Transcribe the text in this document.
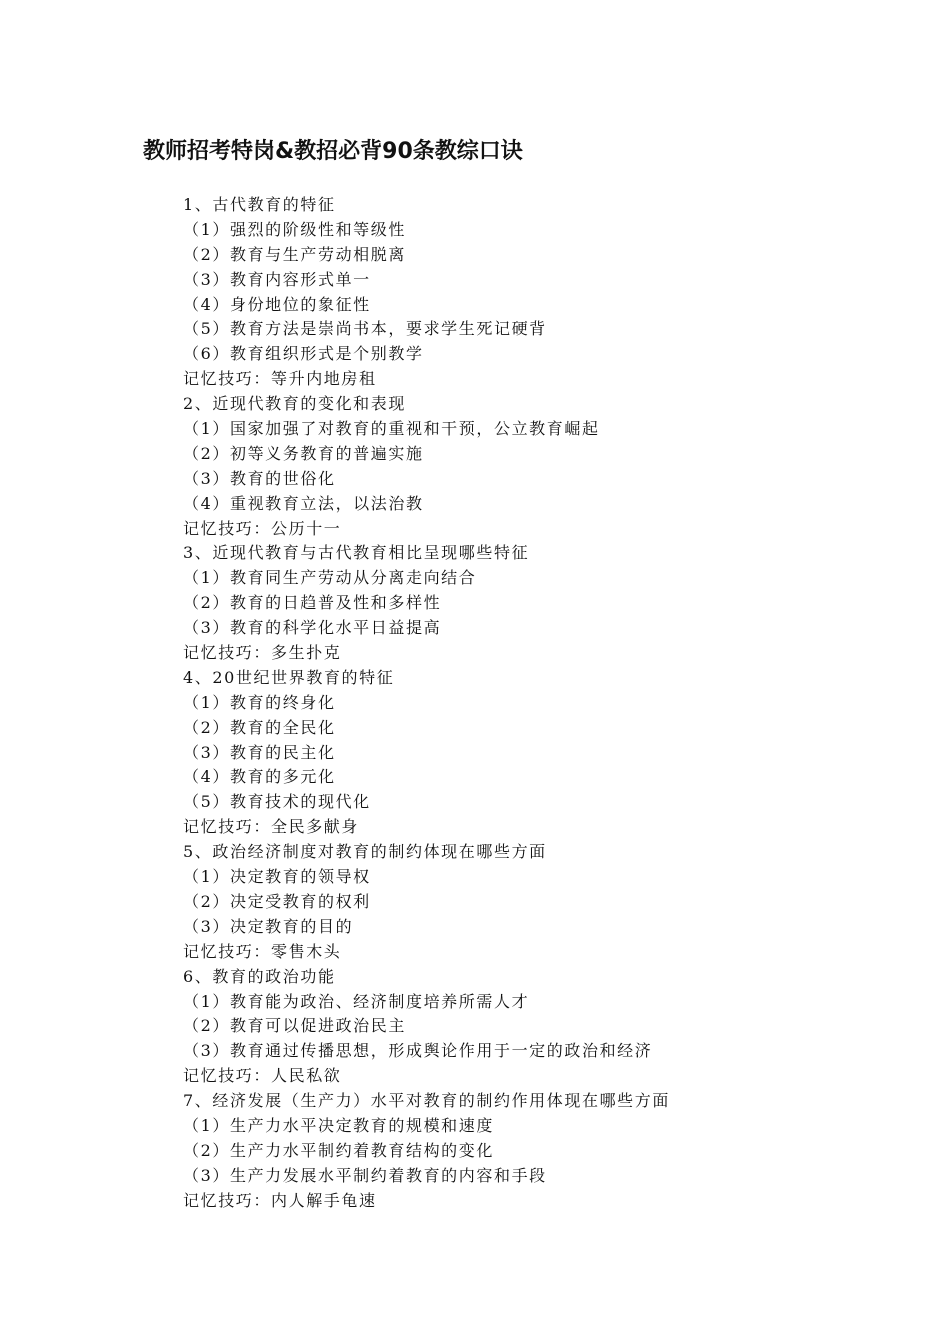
教师招考特岗&教招必背90条教综口诀
1、古代教育的特征
（1）强烈的阶级性和等级性
（2）教育与生产劳动相脱离
（3）教育内容形式单一
（4）身份地位的象征性
（5）教育方法是崇尚书本，要求学生死记硬背
（6）教育组织形式是个别教学
记忆技巧：等升内地房租
2、近现代教育的变化和表现
（1）国家加强了对教育的重视和干预，公立教育崛起
（2）初等义务教育的普遍实施
（3）教育的世俗化
（4）重视教育立法，以法治教
记忆技巧：公历十一
3、近现代教育与古代教育相比呈现哪些特征
（1）教育同生产劳动从分离走向结合
（2）教育的日趋普及性和多样性
（3）教育的科学化水平日益提高
记忆技巧：多生扑克
4、20世纪世界教育的特征
（1）教育的终身化
（2）教育的全民化
（3）教育的民主化
（4）教育的多元化
（5）教育技术的现代化
记忆技巧：全民多献身
5、政治经济制度对教育的制约体现在哪些方面
（1）决定教育的领导权
（2）决定受教育的权利
（3）决定教育的目的
记忆技巧：零售木头
6、教育的政治功能
（1）教育能为政治、经济制度培养所需人才
（2）教育可以促进政治民主
（3）教育通过传播思想，形成舆论作用于一定的政治和经济
记忆技巧：人民私欲
7、经济发展（生产力）水平对教育的制约作用体现在哪些方面
（1）生产力水平决定教育的规模和速度
（2）生产力水平制约着教育结构的变化
（3）生产力发展水平制约着教育的内容和手段
记忆技巧：内人解手龟速
